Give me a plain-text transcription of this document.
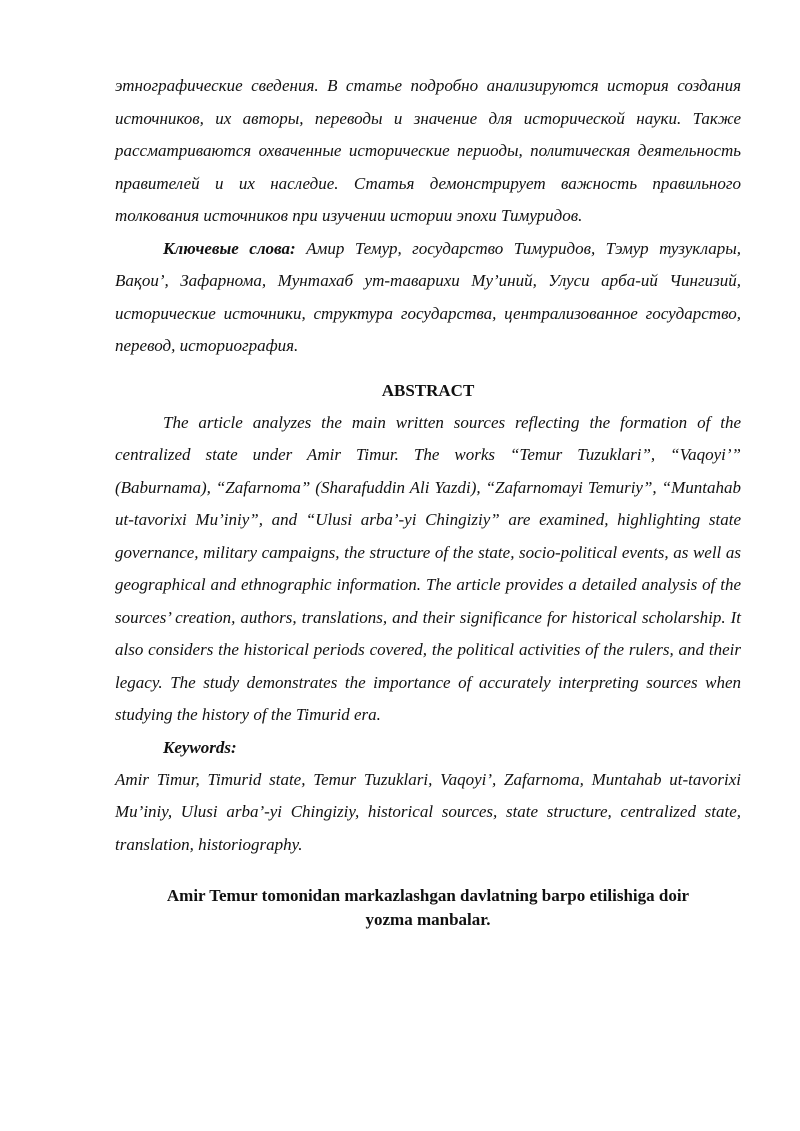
этнографические сведения. В статье подробно анализируются история создания источников, их авторы, переводы и значение для исторической науки. Также рассматриваются охваченные исторические периоды, политическая деятельность правителей и их наследие. Статья демонстрирует важность правильного толкования источников при изучении истории эпохи Тимуридов.

Ключевые слова: Амир Темур, государство Тимуридов, Тэмур тузуклары, Вақои’, Зафарнома, Мунтахаб ут-таварихи Му’иний, Улуси арба-ий Чингизий, исторические источники, структура государства, централизованное государство, перевод, историография.

ABSTRACT

The article analyzes the main written sources reflecting the formation of the centralized state under Amir Timur. The works “Temur Tuzuklari”, “Vaqoyi’” (Baburnama), “Zafarnoma” (Sharafuddin Ali Yazdi), “Zafarnomayi Temuriy”, “Muntahab ut-tavorixi Mu’iniy”, and “Ulusi arba’-yi Chingiziy” are examined, highlighting state governance, military campaigns, the structure of the state, socio-political events, as well as geographical and ethnographic information. The article provides a detailed analysis of the sources’ creation, authors, translations, and their significance for historical scholarship. It also considers the historical periods covered, the political activities of the rulers, and their legacy. The study demonstrates the importance of accurately interpreting sources when studying the history of the Timurid era.

Keywords:

Amir Timur, Timurid state, Temur Tuzuklari, Vaqoyi’, Zafarnoma, Muntahab ut-tavorixi Mu’iniy, Ulusi arba’-yi Chingiziy, historical sources, state structure, centralized state, translation, historiography.

Amir Temur tomonidan markazlashgan davlatning barpo etilishiga doir
yozma manbalar.
